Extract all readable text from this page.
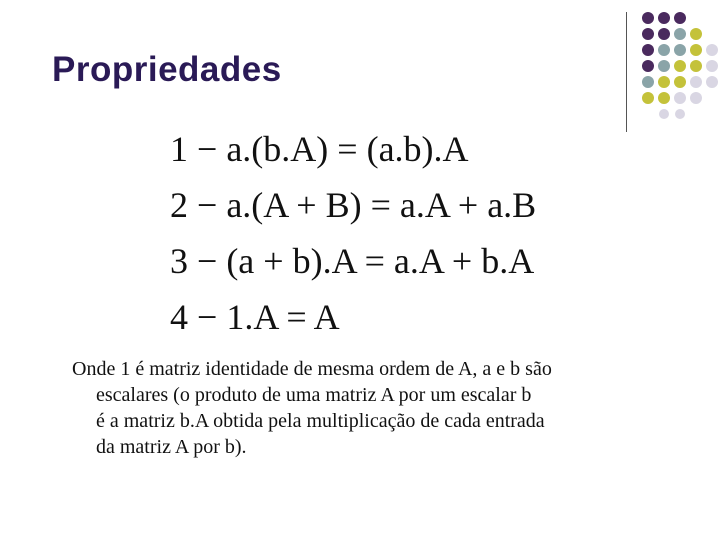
Propriedades
1 − a.(b.A) = (a.b).A
2 − a.(A + B) = a.A + a.B
3 − (a + b).A = a.A + b.A
4 − 1.A = A
Onde 1 é matriz identidade de mesma ordem de A, a e b são
escalares (o produto de uma matriz A por um escalar b
é a matriz b.A obtida pela multiplicação de cada entrada
da matriz A por b).
